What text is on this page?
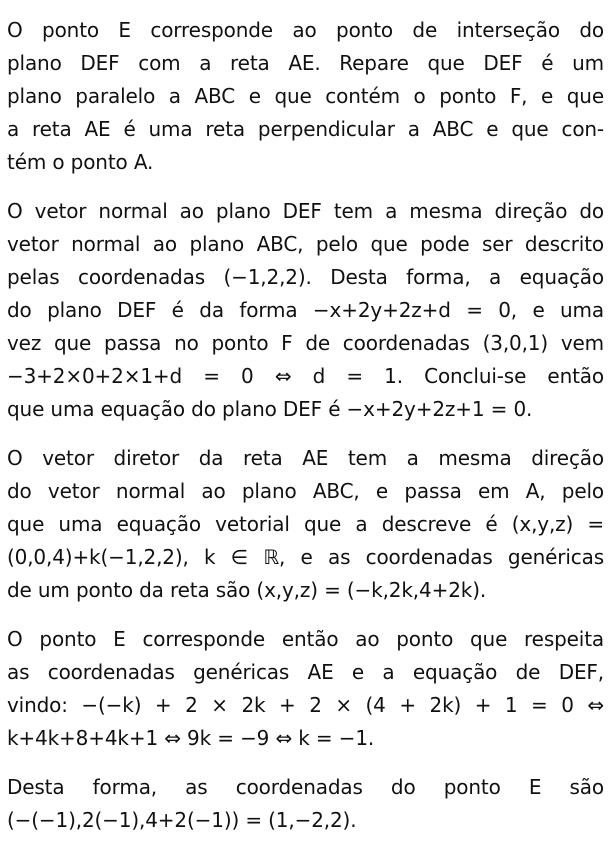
O ponto E corresponde ao ponto de interseção do
plano DEF com a reta AE. Repare que DEF é um
plano paralelo a ABC e que contém o ponto F, e que
a reta AE é uma reta perpendicular a ABC e que con-
tém o ponto A.
O vetor normal ao plano DEF tem a mesma direção do
vetor normal ao plano ABC, pelo que pode ser descrito
pelas coordenadas (−1,2,2). Desta forma, a equação
do plano DEF é da forma −x+2y+2z+d = 0, e uma
vez que passa no ponto F de coordenadas (3,0,1) vem
−3+2×0+2×1+d = 0 ⇔ d = 1. Conclui-se então
que uma equação do plano DEF é −x+2y+2z+1 = 0.
O vetor diretor da reta AE tem a mesma direção
do vetor normal ao plano ABC, e passa em A, pelo
que uma equação vetorial que a descreve é (x,y,z) =
(0,0,4)+k(−1,2,2), k ∈ ℝ, e as coordenadas genéricas
de um ponto da reta são (x,y,z) = (−k,2k,4+2k).
O ponto E corresponde então ao ponto que respeita
as coordenadas genéricas AE e a equação de DEF,
vindo: −(−k) + 2 × 2k + 2 × (4 + 2k) + 1 = 0 ⇔
k+4k+8+4k+1 ⇔ 9k = −9 ⇔ k = −1.
Desta forma, as coordenadas do ponto E são
(−(−1),2(−1),4+2(−1)) = (1,−2,2).
